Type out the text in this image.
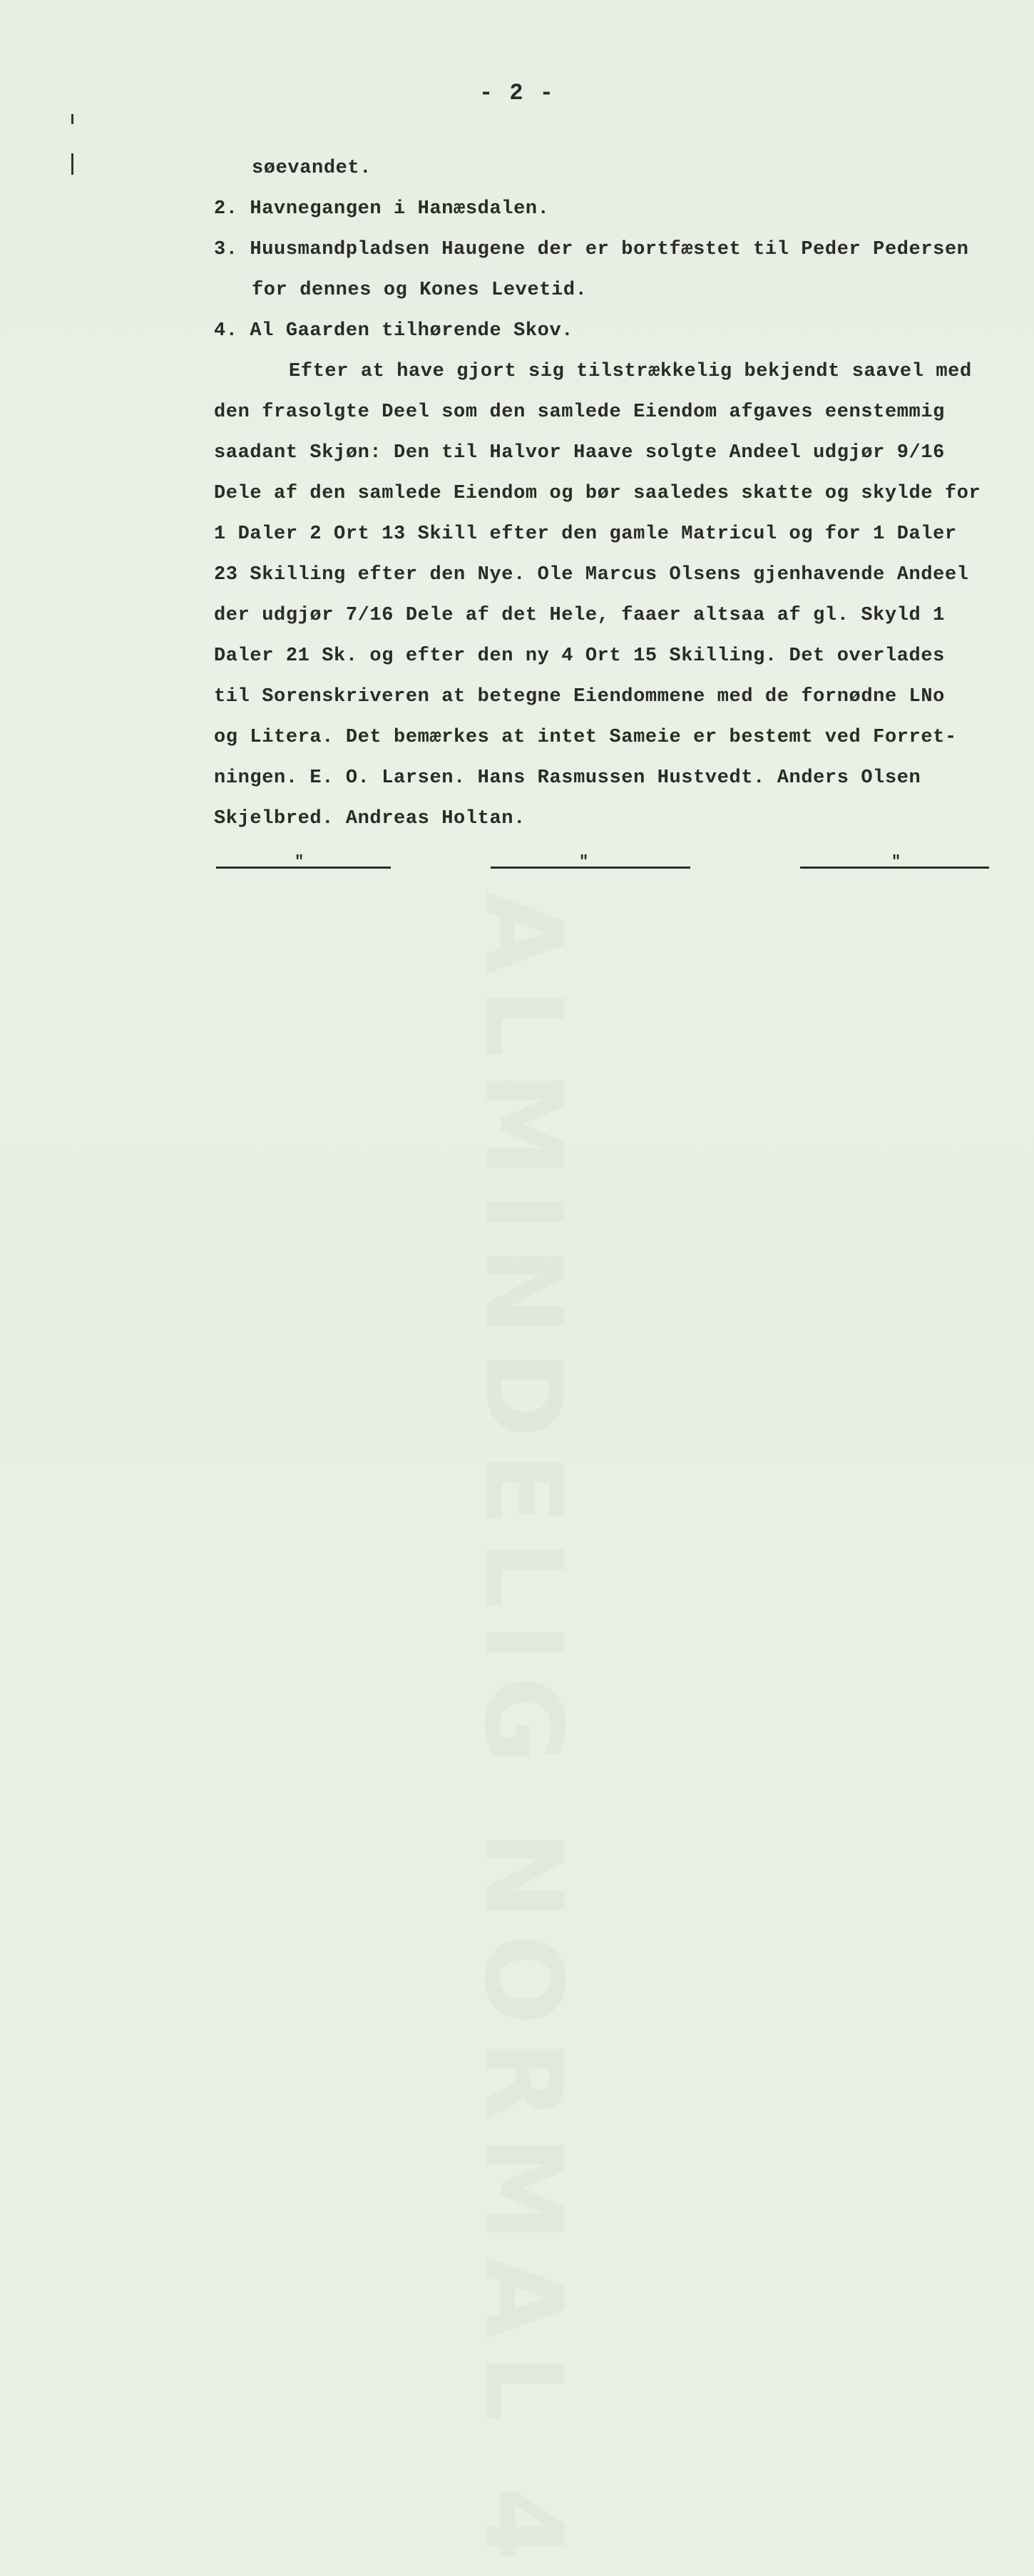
- 2 -
søevandet.
2. Havnegangen i Hanæsdalen.
3. Huusmandpladsen Haugene der er bortfæstet til Peder Pedersen
for dennes og Kones Levetid.
4. Al Gaarden tilhørende Skov.
Efter at have gjort sig tilstrækkelig bekjendt saavel med
den frasolgte Deel som den samlede Eiendom afgaves eenstemmig
saadant Skjøn: Den til Halvor Haave solgte Andeel udgjør 9/16
Dele af den samlede Eiendom og bør saaledes skatte og skylde for
1 Daler 2 Ort 13 Skill efter den gamle Matricul og for 1 Daler
23 Skilling efter den Nye. Ole Marcus Olsens gjenhavende Andeel
der udgjør 7/16 Dele af det Hele, faaer altsaa af gl. Skyld 1
Daler 21 Sk. og efter den ny 4 Ort 15 Skilling. Det overlades
til Sorenskriveren at betegne Eiendommene med de fornødne LNo
og Litera. Det bemærkes at intet Sameie er bestemt ved Forret-
ningen. E. O. Larsen. Hans Rasmussen Hustvedt. Anders Olsen
Skjelbred. Andreas Holtan.
"	"	"
